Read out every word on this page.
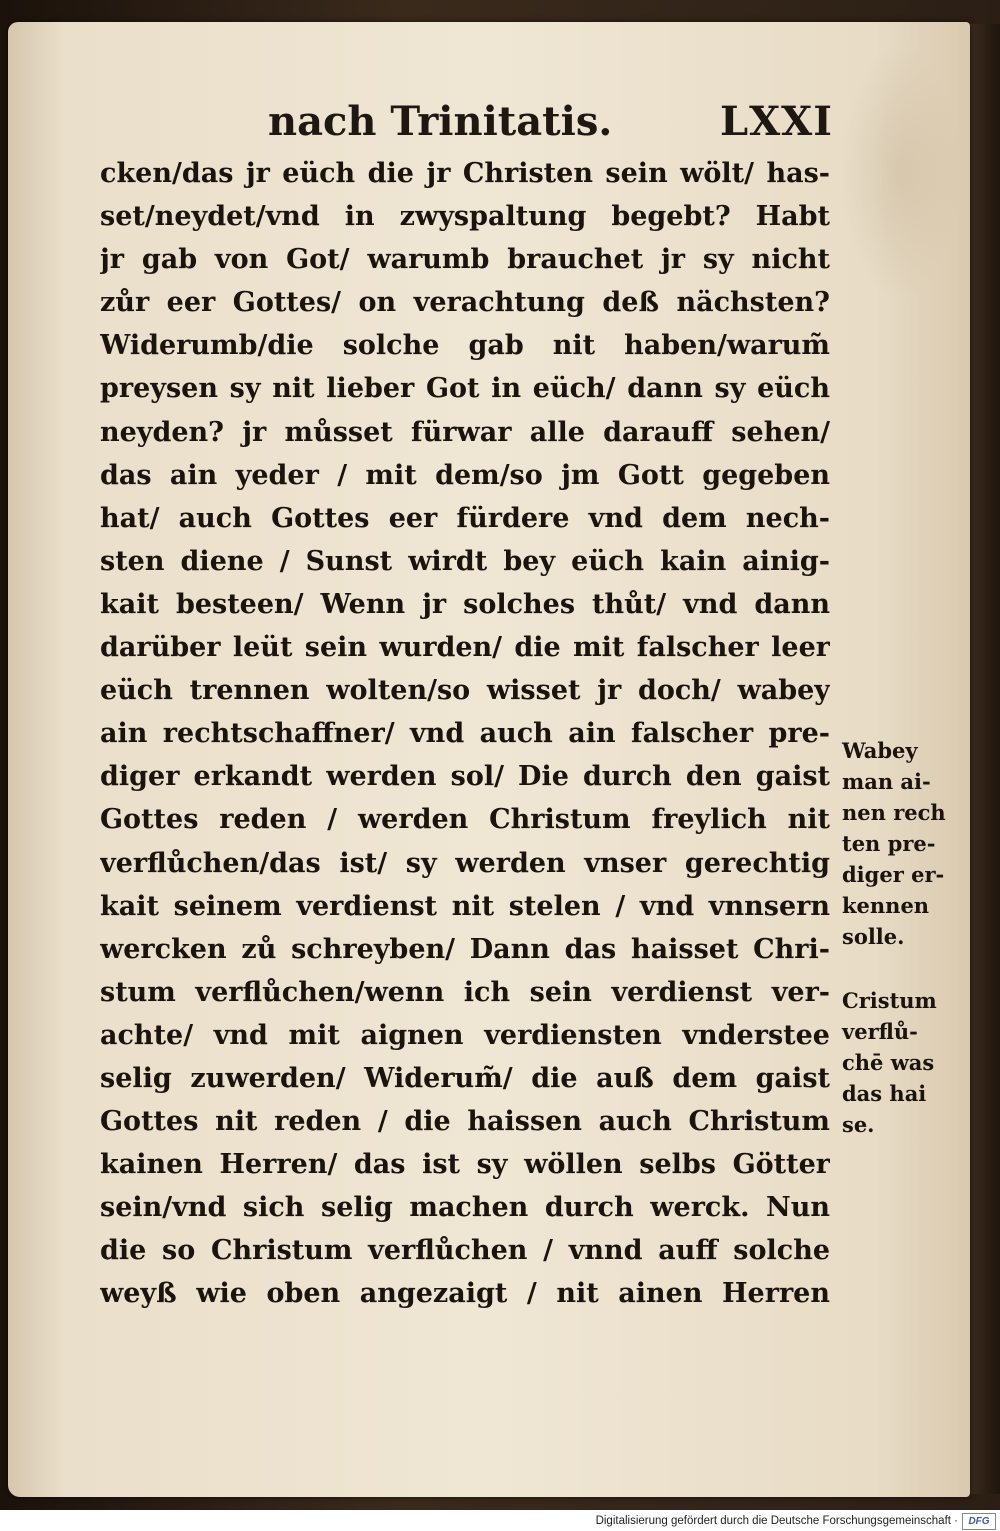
nach Trinitatis.	LXXI
cken/das jr eüch die jr Christen sein wölt/ has-
set/neydet/vnd in zwyspaltung begebt? Habt
jr gab von Got/ warumb brauchet jr sy nicht
zůr eer Gottes/ on verachtung deß nächsten?
Widerumb/die solche gab nit haben/warum̃
preysen sy nit lieber Got in eüch/ dann sy eüch
neyden? jr můsset fürwar alle darauff sehen/
das ain yeder / mit dem/so jm Gott gegeben
hat/ auch Gottes eer fürdere vnd dem nech-
sten diene / Sunst wirdt bey eüch kain ainig-
kait besteen/ Wenn jr solches thůt/ vnd dann
darüber leüt sein wurden/ die mit falscher leer
eüch trennen wolten/so wisset jr doch/ wabey
ain rechtschaffner/ vnd auch ain falscher pre-
diger erkandt werden sol/ Die durch den gaist
Gottes reden / werden Christum freylich nit
verflůchen/das ist/ sy werden vnser gerechtig
kait seinem verdienst nit stelen / vnd vnnsern
wercken zů schreyben/ Dann das haisset Chri-
stum verflůchen/wenn ich sein verdienst ver-
achte/ vnd mit aignen verdiensten vnderstee
selig zuwerden/ Widerum̃/ die auß dem gaist
Gottes nit reden / die haissen auch Christum
kainen Herren/ das ist sy wöllen selbs Götter
sein/vnd sich selig machen durch werck. Nun
die so Christum verflůchen / vnnd auff solche
weyß wie oben angezaigt / nit ainen Herren
Wabey
man ai-
nen rech
ten pre-
diger er-
kennen
solle.
Cristum
verflů-
chē was
das hai
se.
Digitalisierung gefördert durch die Deutsche Forschungsgemeinschaft ·	DFG
